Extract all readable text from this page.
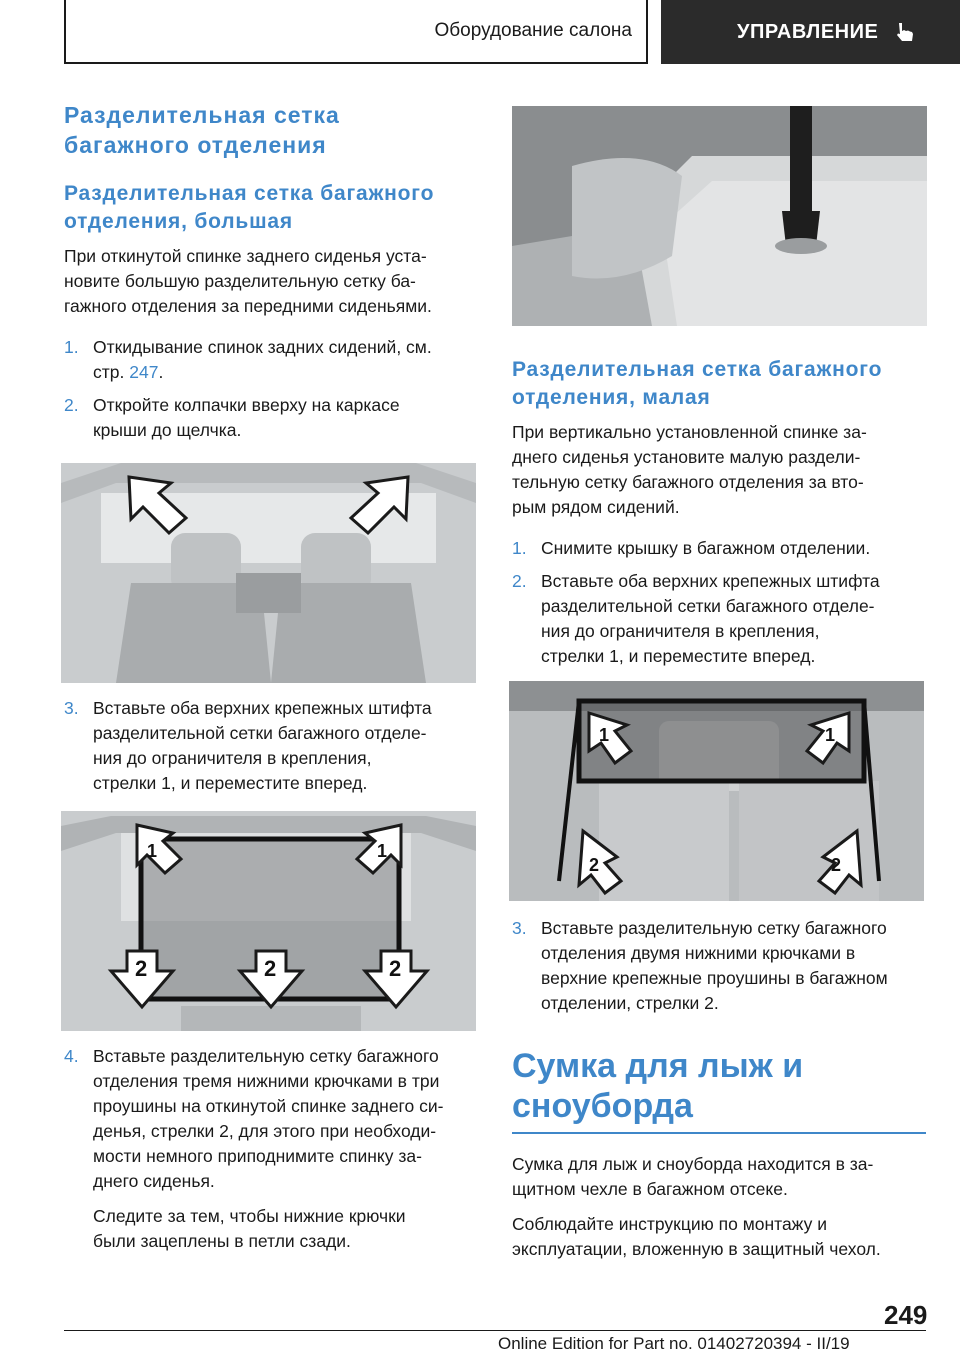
Оборудование салона	УПРАВЛЕНИЕ
Разделительная сетка
багажного отделения
Разделительная сетка багажного
отделения, большая

При откинутой спинке заднего сиденья уста-
новите большую разделительную сетку ба-
гажного отделения за передними сиденьями.

1. Откидывание спинок задних сидений, см.
стр. 247.
2. Откройте колпачки вверху на каркасе
крыши до щелчка.
3. Вставьте оба верхних крепежных штифта
разделительной сетки багажного отделе-
ния до ограничителя в крепления,
стрелки 1, и переместите вперед.
1	1
2	2	2
4. Вставьте разделительную сетку багажного
отделения тремя нижними крючками в три
проушины на откинутой спинке заднего си-
денья, стрелки 2, для этого при необходи-
мости немного приподнимите спинку за-
днего сиденья.
Следите за тем, чтобы нижние крючки
были зацеплены в петли сзади.
Разделительная сетка багажного
отделения, малая

При вертикально установленной спинке за-
днего сиденья установите малую раздели-
тельную сетку багажного отделения за вто-
рым рядом сидений.

1. Снимите крышку в багажном отделении.
2. Вставьте оба верхних крепежных штифта
разделительной сетки багажного отделе-
ния до ограничителя в крепления,
стрелки 1, и переместите вперед.
1	1
2	2
3. Вставьте разделительную сетку багажного
отделения двумя нижними крючками в
верхние крепежные проушины в багажном
отделении, стрелки 2.
Сумка для лыж и
сноуборда

Сумка для лыж и сноуборда находится в за-
щитном чехле в багажном отсеке.

Соблюдайте инструкцию по монтажу и
эксплуатации, вложенную в защитный чехол.

249
Online Edition for Part no. 01402720394 - II/19
